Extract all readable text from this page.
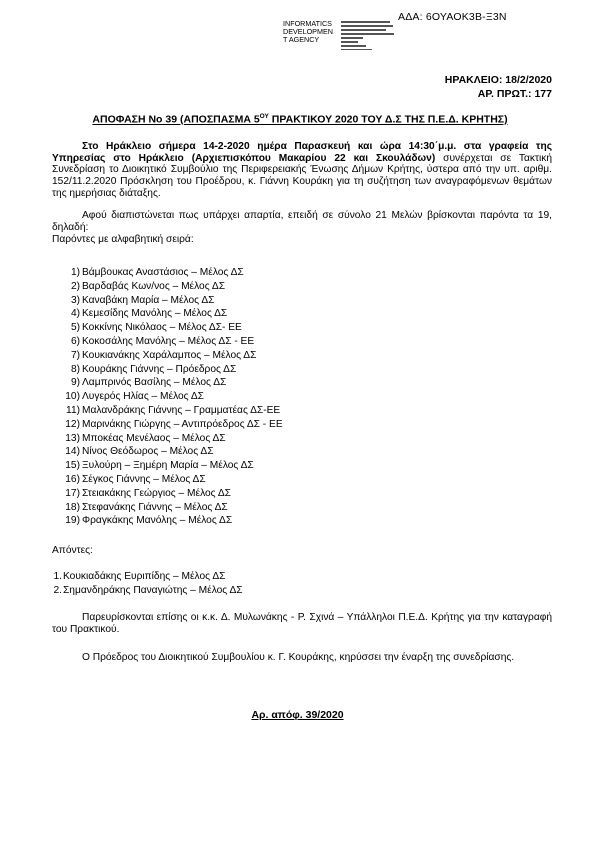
ΑΔΑ: 6ΟΥΑΟΚ3Β-Ξ3Ν
INFORMATICS
DEVELOPMEN
T AGENCY
ΗΡΑΚΛΕΙΟ: 18/2/2020
ΑΡ. ΠΡΩΤ.: 177
ΑΠΟΦΑΣΗ Νο 39 (ΑΠΟΣΠΑΣΜΑ $5^{O\Upsilon}$ ΠΡΑΚΤΙΚΟΥ 2020 ΤΟΥ Δ.Σ ΤΗΣ Π.Ε.Δ. ΚΡΗΤΗΣ)
Στο Ηράκλειο σήμερα 14-2-2020 ημέρα Παρασκευή και ώρα 14:30΄μ.μ. στα γραφεία της Υπηρεσίας στο Ηράκλειο (Αρχιεπισκόπου Μακαρίου 22 και Σκουλάδων) συνέρχεται σε Τακτική Συνεδρίαση το Διοικητικό Συμβούλιο της Περιφερειακής Ένωσης Δήμων Κρήτης, ύστερα από την υπ. αριθμ. 152/11.2.2020 Πρόσκληση του Προέδρου, κ. Γιάννη Κουράκη για τη συζήτηση των αναγραφόμενων θεμάτων της ημερήσιας διάταξης.
Αφού διαπιστώνεται πως υπάρχει απαρτία, επειδή σε σύνολο 21 Μελών βρίσκονται παρόντα τα 19, δηλαδή:
Παρόντες με αλφαβητική σειρά:
1) Βάμβουκας Αναστάσιος – Μέλος ΔΣ
2) Βαρδαβάς Κων/νος – Μέλος ΔΣ
3) Καναβάκη Μαρία – Μέλος ΔΣ
4) Κεμεσίδης Μανόλης – Μέλος ΔΣ
5) Κοκκίνης Νικόλαος – Μέλος ΔΣ- ΕΕ
6) Κοκοσάλης Μανόλης – Μέλος ΔΣ - ΕΕ
7) Κουκιανάκης Χαράλαμπος – Μέλος ΔΣ
8) Κουράκης Γιάννης – Πρόεδρος ΔΣ
9) Λαμπρινός Βασίλης – Μέλος ΔΣ
10) Λυγερός Ηλίας – Μέλος ΔΣ
11) Μαλανδράκης Γιάννης – Γραμματέας ΔΣ-ΕΕ
12) Μαρινάκης Γιώργης – Αντιπρόεδρος ΔΣ - ΕΕ
13) Μποκέας Μενέλαος – Μέλος ΔΣ
14) Νίνος Θεόδωρος – Μέλος ΔΣ
15) Ξυλούρη – Ξημέρη Μαρία – Μέλος ΔΣ
16) Σέγκος Γιάννης – Μέλος ΔΣ
17) Στειακάκης Γεώργιος – Μέλος ΔΣ
18) Στεφανάκης Γιάννης – Μέλος ΔΣ
19) Φραγκάκης Μανόλης – Μέλος ΔΣ
Απόντες:
1.Κουκιαδάκης Ευριπίδης – Μέλος ΔΣ
2.Σημανδηράκης Παναγιώτης – Μέλος ΔΣ
Παρευρίσκονται επίσης οι κ.κ. Δ. Μυλωνάκης - Ρ. Σχινά – Υπάλληλοι Π.Ε.Δ. Κρήτης για την καταγραφή του Πρακτικού.
Ο Πρόεδρος του Διοικητικού Συμβουλίου κ. Γ. Κουράκης, κηρύσσει την έναρξη της συνεδρίασης.
Αρ. απόφ. 39/2020
